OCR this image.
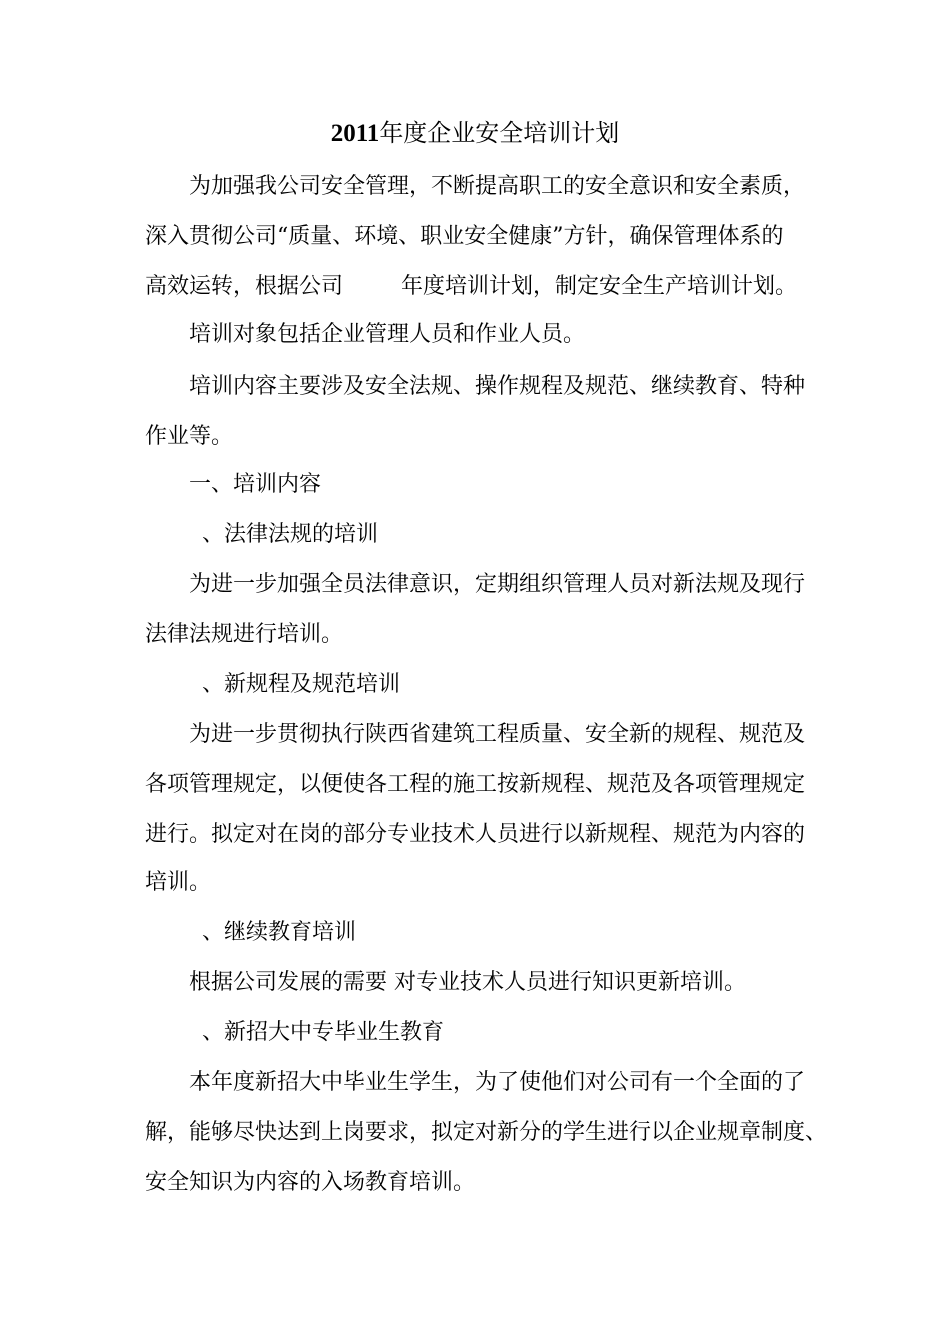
2011年度企业安全培训计划
为加强我公司安全管理，不断提高职工的安全意识和安全素质，
深入贯彻公司“质量、环境、职业安全健康”方针，确保管理体系的
高效运转，根据公司	年度培训计划，制定安全生产培训计划。
培训对象包括企业管理人员和作业人员。
培训内容主要涉及安全法规、操作规程及规范、继续教育、特种
作业等。
一、培训内容
、法律法规的培训
为进一步加强全员法律意识，定期组织管理人员对新法规及现行
法律法规进行培训。
、新规程及规范培训
为进一步贯彻执行陕西省建筑工程质量、安全新的规程、规范及
各项管理规定，以便使各工程的施工按新规程、规范及各项管理规定
进行。拟定对在岗的部分专业技术人员进行以新规程、规范为内容的
培训。
、继续教育培训
根据公司发展的需要 对专业技术人员进行知识更新培训。
、新招大中专毕业生教育
本年度新招大中毕业生学生，为了使他们对公司有一个全面的了
解，能够尽快达到上岗要求，拟定对新分的学生进行以企业规章制度、
安全知识为内容的入场教育培训。
